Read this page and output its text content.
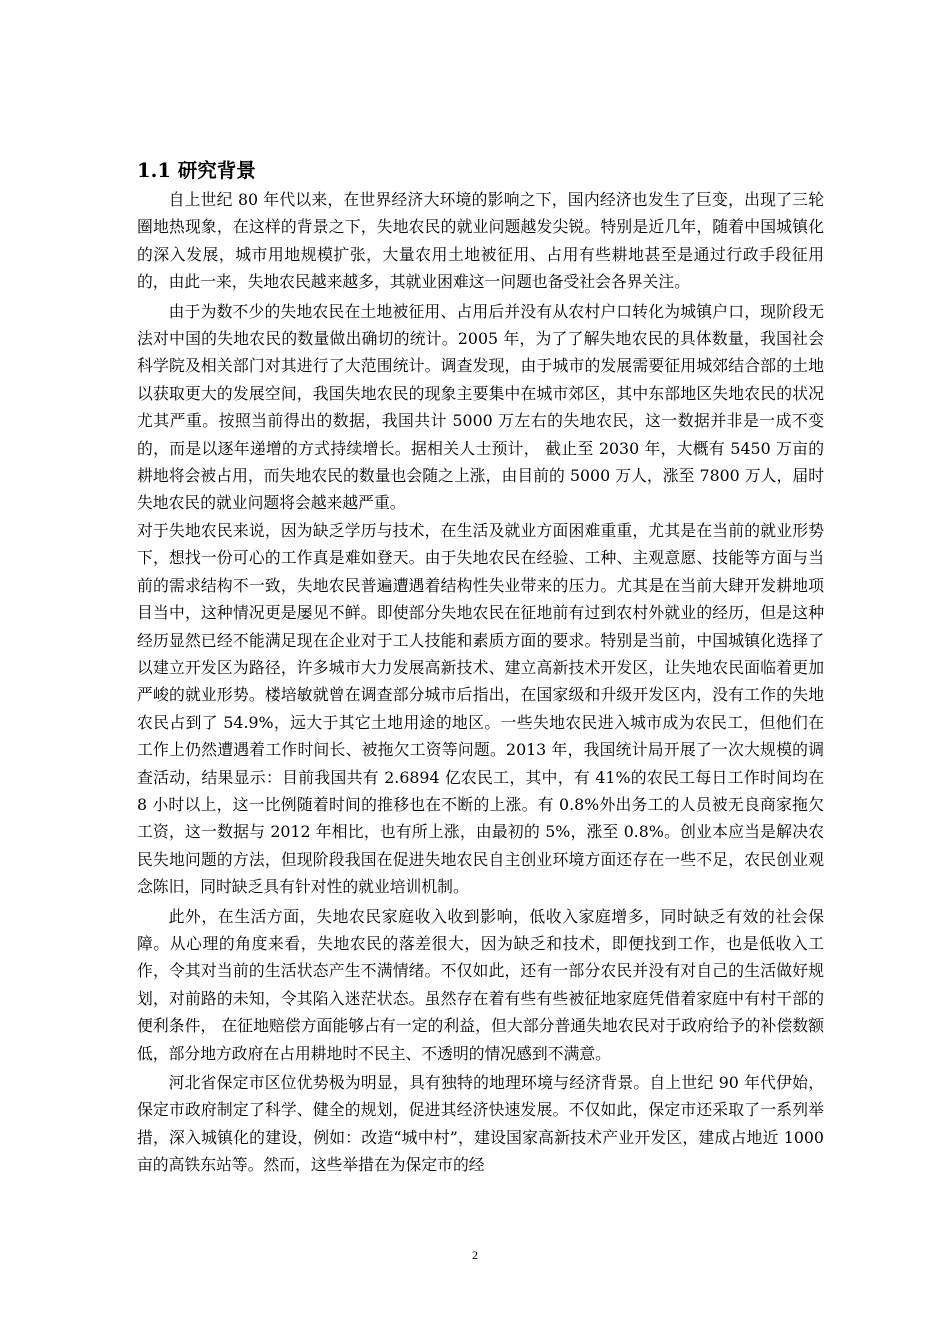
1.1 研究背景

自上世纪 80 年代以来，在世界经济大环境的影响之下，国内经济也发生了巨变，出现了三轮圈地热现象，在这样的背景之下，失地农民的就业问题越发尖锐。特别是近几年，随着中国城镇化的深入发展，城市用地规模扩张，大量农用土地被征用、占用有些耕地甚至是通过行政手段征用的，由此一来，失地农民越来越多，其就业困难这一问题也备受社会各界关注。

由于为数不少的失地农民在土地被征用、占用后并没有从农村户口转化为城镇户口，现阶段无法对中国的失地农民的数量做出确切的统计。2005 年，为了了解失地农民的具体数量，我国社会科学院及相关部门对其进行了大范围统计。调查发现，由于城市的发展需要征用城郊结合部的土地以获取更大的发展空间，我国失地农民的现象主要集中在城市郊区，其中东部地区失地农民的状况尤其严重。按照当前得出的数据，我国共计 5000 万左右的失地农民，这一数据并非是一成不变的，而是以逐年递增的方式持续增长。据相关人士预计， 截止至 2030 年，大概有 5450 万亩的耕地将会被占用，而失地农民的数量也会随之上涨，由目前的 5000 万人，涨至 7800 万人，届时失地农民的就业问题将会越来越严重。

对于失地农民来说，因为缺乏学历与技术，在生活及就业方面困难重重，尤其是在当前的就业形势下，想找一份可心的工作真是难如登天。由于失地农民在经验、工种、主观意愿、技能等方面与当前的需求结构不一致，失地农民普遍遭遇着结构性失业带来的压力。尤其是在当前大肆开发耕地项目当中，这种情况更是屡见不鲜。即使部分失地农民在征地前有过到农村外就业的经历，但是这种经历显然已经不能满足现在企业对于工人技能和素质方面的要求。特别是当前，中国城镇化选择了以建立开发区为路径，许多城市大力发展高新技术、建立高新技术开发区，让失地农民面临着更加严峻的就业形势。楼培敏就曾在调查部分城市后指出，在国家级和升级开发区内，没有工作的失地农民占到了 54.9%，远大于其它土地用途的地区。一些失地农民进入城市成为农民工，但他们在工作上仍然遭遇着工作时间长、被拖欠工资等问题。2013 年，我国统计局开展了一次大规模的调查活动，结果显示：目前我国共有 2.6894 亿农民工，其中，有 41%的农民工每日工作时间均在 8 小时以上，这一比例随着时间的推移也在不断的上涨。有 0.8%外出务工的人员被无良商家拖欠工资，这一数据与 2012 年相比，也有所上涨，由最初的 5%，涨至 0.8%。创业本应当是解决农民失地问题的方法，但现阶段我国在促进失地农民自主创业环境方面还存在一些不足，农民创业观念陈旧，同时缺乏具有针对性的就业培训机制。

此外，在生活方面，失地农民家庭收入收到影响，低收入家庭增多，同时缺乏有效的社会保障。从心理的角度来看，失地农民的落差很大，因为缺乏和技术，即便找到工作，也是低收入工作，令其对当前的生活状态产生不满情绪。不仅如此，还有一部分农民并没有对自己的生活做好规划，对前路的未知，令其陷入迷茫状态。虽然存在着有些有些被征地家庭凭借着家庭中有村干部的便利条件， 在征地赔偿方面能够占有一定的利益，但大部分普通失地农民对于政府给予的补偿数额低，部分地方政府在占用耕地时不民主、不透明的情况感到不满意。

河北省保定市区位优势极为明显，具有独特的地理环境与经济背景。自上世纪 90 年代伊始，保定市政府制定了科学、健全的规划，促进其经济快速发展。不仅如此，保定市还采取了一系列举措，深入城镇化的建设，例如：改造“城中村”，建设国家高新技术产业开发区，建成占地近 1000 亩的高铁东站等。然而，这些举措在为保定市的经

2
